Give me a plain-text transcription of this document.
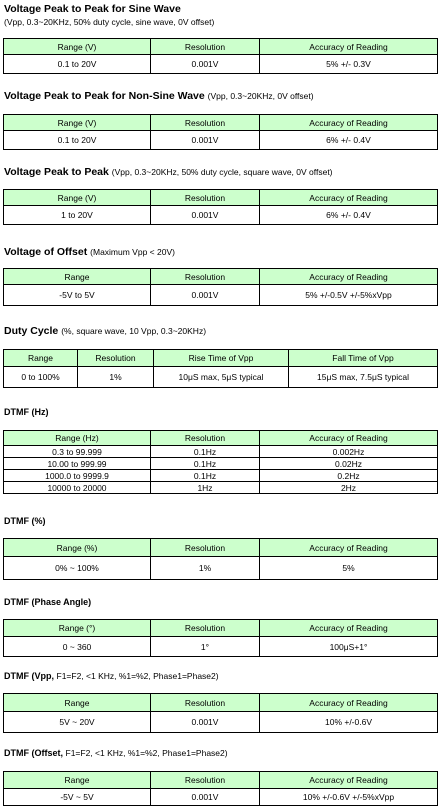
Voltage Peak to Peak for Sine Wave
(Vpp, 0.3~20KHz, 50% duty cycle, sine wave, 0V offset)
Range (V)	Resolution	Accuracy of Reading
0.1 to 20V	0.001V	5% +/- 0.3V
Voltage Peak to Peak for Non-Sine Wave (Vpp, 0.3~20KHz, 0V offset)
Range (V)	Resolution	Accuracy of Reading
0.1 to 20V	0.001V	6% +/- 0.4V
Voltage Peak to Peak (Vpp, 0.3~20KHz, 50% duty cycle, square wave, 0V offset)
Range (V)	Resolution	Accuracy of Reading
1 to 20V	0.001V	6% +/- 0.4V
Voltage of Offset (Maximum Vpp < 20V)
Range	Resolution	Accuracy of Reading
-5V to 5V	0.001V	5% +/-0.5V +/-5%xVpp
Duty Cycle (%, square wave, 10 Vpp, 0.3~20KHz)
Range	Resolution	Rise Time of Vpp	Fall Time of Vpp
0 to 100%	1%	10μS max, 5μS typical	15μS max, 7.5μS typical
DTMF (Hz)
Range (Hz)	Resolution	Accuracy of Reading
0.3 to 99.999	0.1Hz	0.002Hz
10.00 to 999.99	0.1Hz	0.02Hz
1000.0 to 9999.9	0.1Hz	0.2Hz
10000 to 20000	1Hz	2Hz
DTMF (%)
Range (%)	Resolution	Accuracy of Reading
0% ~ 100%	1%	5%
DTMF (Phase Angle)
Range (°)	Resolution	Accuracy of Reading
0 ~ 360	1°	100μS+1°
DTMF (Vpp, F1=F2, <1 KHz, %1=%2, Phase1=Phase2)
Range	Resolution	Accuracy of Reading
5V ~ 20V	0.001V	10% +/-0.6V
DTMF (Offset, F1=F2, <1 KHz, %1=%2, Phase1=Phase2)
Range	Resolution	Accuracy of Reading
-5V ~ 5V	0.001V	10% +/-0.6V +/-5%xVpp
